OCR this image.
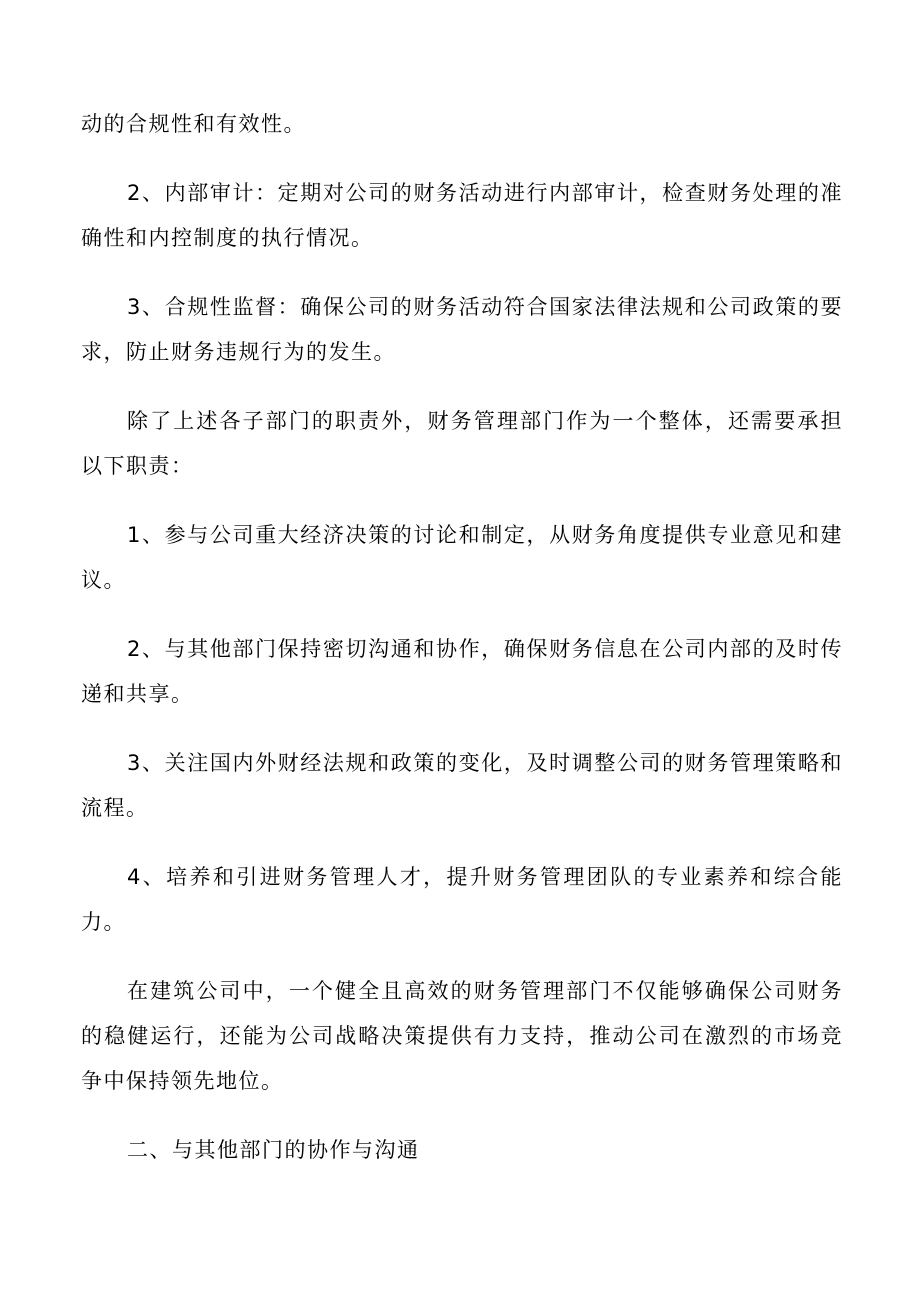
动的合规性和有效性。

2、内部审计：定期对公司的财务活动进行内部审计，检查财务处理的准确性和内控制度的执行情况。

3、合规性监督：确保公司的财务活动符合国家法律法规和公司政策的要求，防止财务违规行为的发生。

除了上述各子部门的职责外，财务管理部门作为一个整体，还需要承担以下职责：

1、参与公司重大经济决策的讨论和制定，从财务角度提供专业意见和建议。

2、与其他部门保持密切沟通和协作，确保财务信息在公司内部的及时传递和共享。

3、关注国内外财经法规和政策的变化，及时调整公司的财务管理策略和流程。

4、培养和引进财务管理人才，提升财务管理团队的专业素养和综合能力。

在建筑公司中，一个健全且高效的财务管理部门不仅能够确保公司财务的稳健运行，还能为公司战略决策提供有力支持，推动公司在激烈的市场竞争中保持领先地位。

二、与其他部门的协作与沟通
